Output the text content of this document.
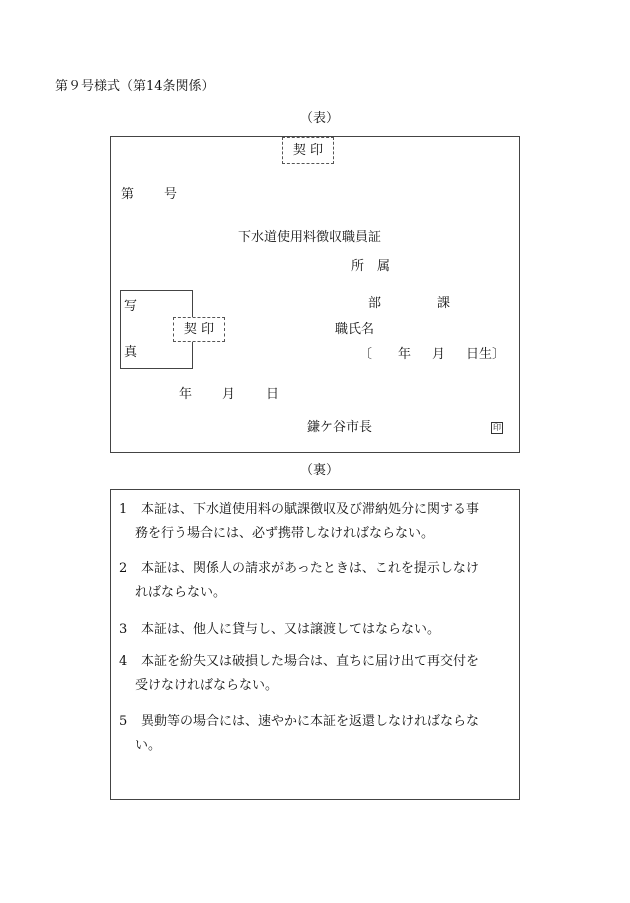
第９号様式（第14条関係）
（表）
契 印
第 号
下水道使用料徴収職員証
所　属
写
真
契 印
部	課
職氏名
〔 年 月 日生〕
年 月 日
鎌ケ谷市長	印
（裏）
1 本証は、下水道使用料の賦課徴収及び滞納処分に関する事
務を行う場合には、必ず携帯しなければならない。
2 本証は、関係人の請求があったときは、これを提示しなけ
ればならない。
3 本証は、他人に貸与し、又は譲渡してはならない。
4 本証を紛失又は破損した場合は、直ちに届け出て再交付を
受けなければならない。
5 異動等の場合には、速やかに本証を返還しなければならな
い。
